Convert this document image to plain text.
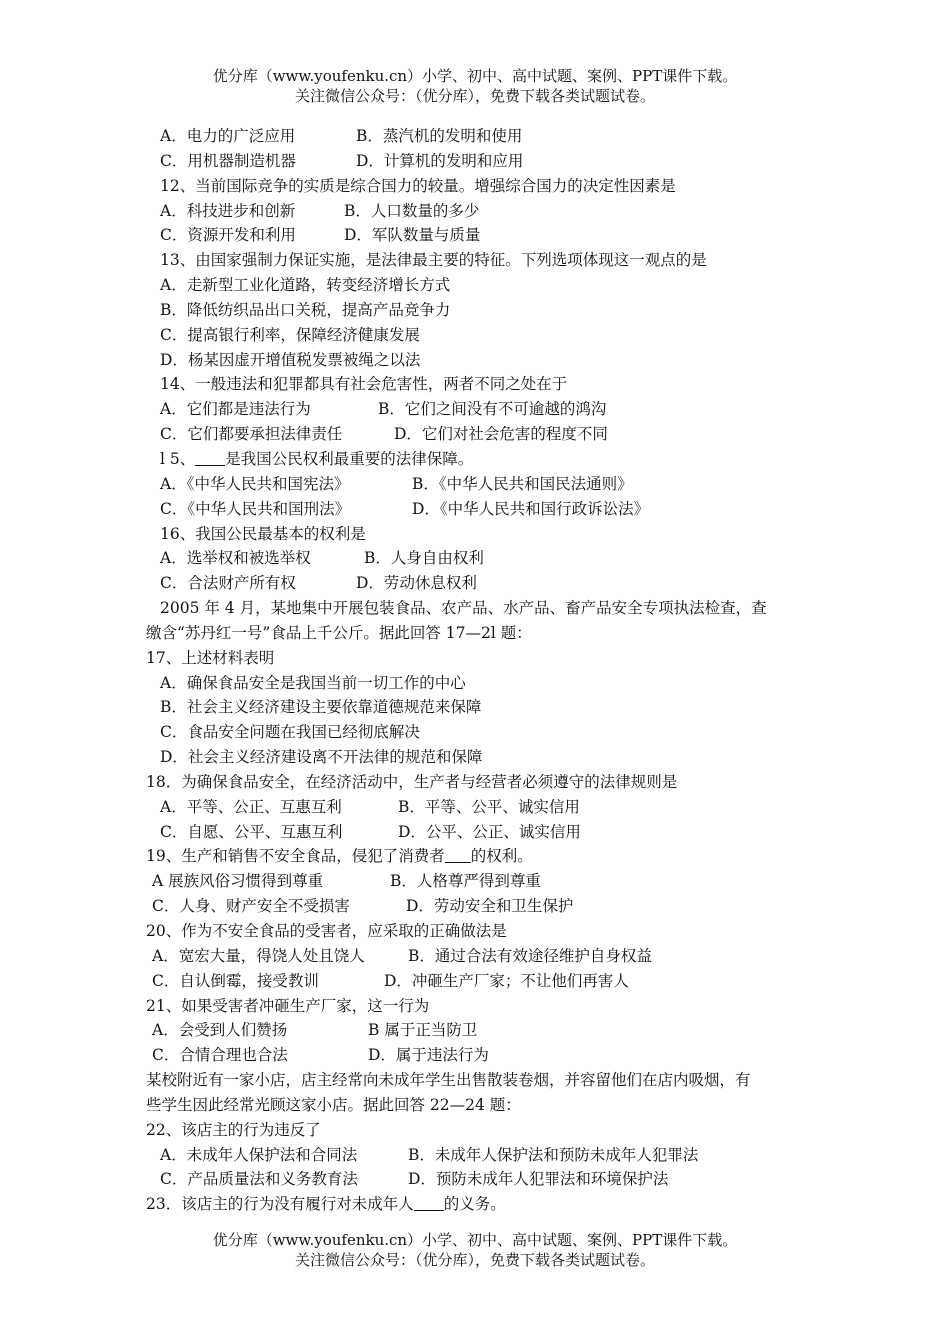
优分库（www.youfenku.cn）小学、初中、高中试题、案例、PPT课件下载。
关注微信公众号：（优分库），免费下载各类试题试卷。
A．电力的广泛应用	B．蒸汽机的发明和使用
C．用机器制造机器	D．计算机的发明和应用
12、当前国际竞争的实质是综合国力的较量。增强综合国力的决定性因素是
A．科技进步和创新	B．人口数量的多少
C．资源开发和利用	D．军队数量与质量
13、由国家强制力保证实施，是法律最主要的特征。下列选项体现这一观点的是
A．走新型工业化道路，转变经济增长方式
B．降低纺织品出口关税，提高产品竞争力
C．提高银行利率，保障经济健康发展
D．杨某因虚开增值税发票被绳之以法
14、一般违法和犯罪都具有社会危害性，两者不同之处在于
A．它们都是违法行为	B．它们之间没有不可逾越的鸿沟
C．它们都要承担法律责任	D．它们对社会危害的程度不同
l 5、 是我国公民权利最重要的法律保障。
A．《中华人民共和国宪法》	B．《中华人民共和国民法通则》
C．《中华人民共和国刑法》	D．《中华人民共和国行政诉讼法》
16、我国公民最基本的权利是
A．选举权和被选举权	B．人身自由权利
C．合法财产所有权	D．劳动休息权利
2005 年 4 月，某地集中开展包装食品、农产品、水产品、畜产品安全专项执法检查，查
缴含“苏丹红一号”食品上千公斤。据此回答 17—2l 题：
17、上述材料表明
A．确保食品安全是我国当前一切工作的中心
B．社会主义经济建设主要依靠道德规范来保障
C．食品安全问题在我国已经彻底解决
D．社会主义经济建设离不开法律的规范和保障
18．为确保食品安全，在经济活动中，生产者与经营者必须遵守的法律规则是
A．平等、公正、互惠互利	B．平等、公平、诚实信用
C．自愿、公平、互惠互利	D．公平、公正、诚实信用
19、生产和销售不安全食品，侵犯了消费者 的权利。
A 展族风俗习惯得到尊重	B．人格尊严得到尊重
C．人身、财产安全不受损害	D．劳动安全和卫生保护
20、作为不安全食品的受害者，应采取的正确做法是
A．宽宏大量，得饶人处且饶人	B．通过合法有效途径维护自身权益
C．自认倒霉，接受教训	D．冲砸生产厂家；不让他们再害人
21、如果受害者冲砸生产厂家，这一行为
A．会受到人们赞扬	B 属于正当防卫
C．合情合理也合法	D．属于违法行为
某校附近有一家小店，店主经常向未成年学生出售散装卷烟，并容留他们在店内吸烟，有
些学生因此经常光顾这家小店。据此回答 22—24 题：
22、该店主的行为违反了
A．未成年人保护法和合同法	B．未成年人保护法和预防未成年人犯罪法
C．产品质量法和义务教育法	D．预防未成年人犯罪法和环境保护法
23．该店主的行为没有履行对未成年人 的义务。
优分库（www.youfenku.cn）小学、初中、高中试题、案例、PPT课件下载。
关注微信公众号：（优分库），免费下载各类试题试卷。
